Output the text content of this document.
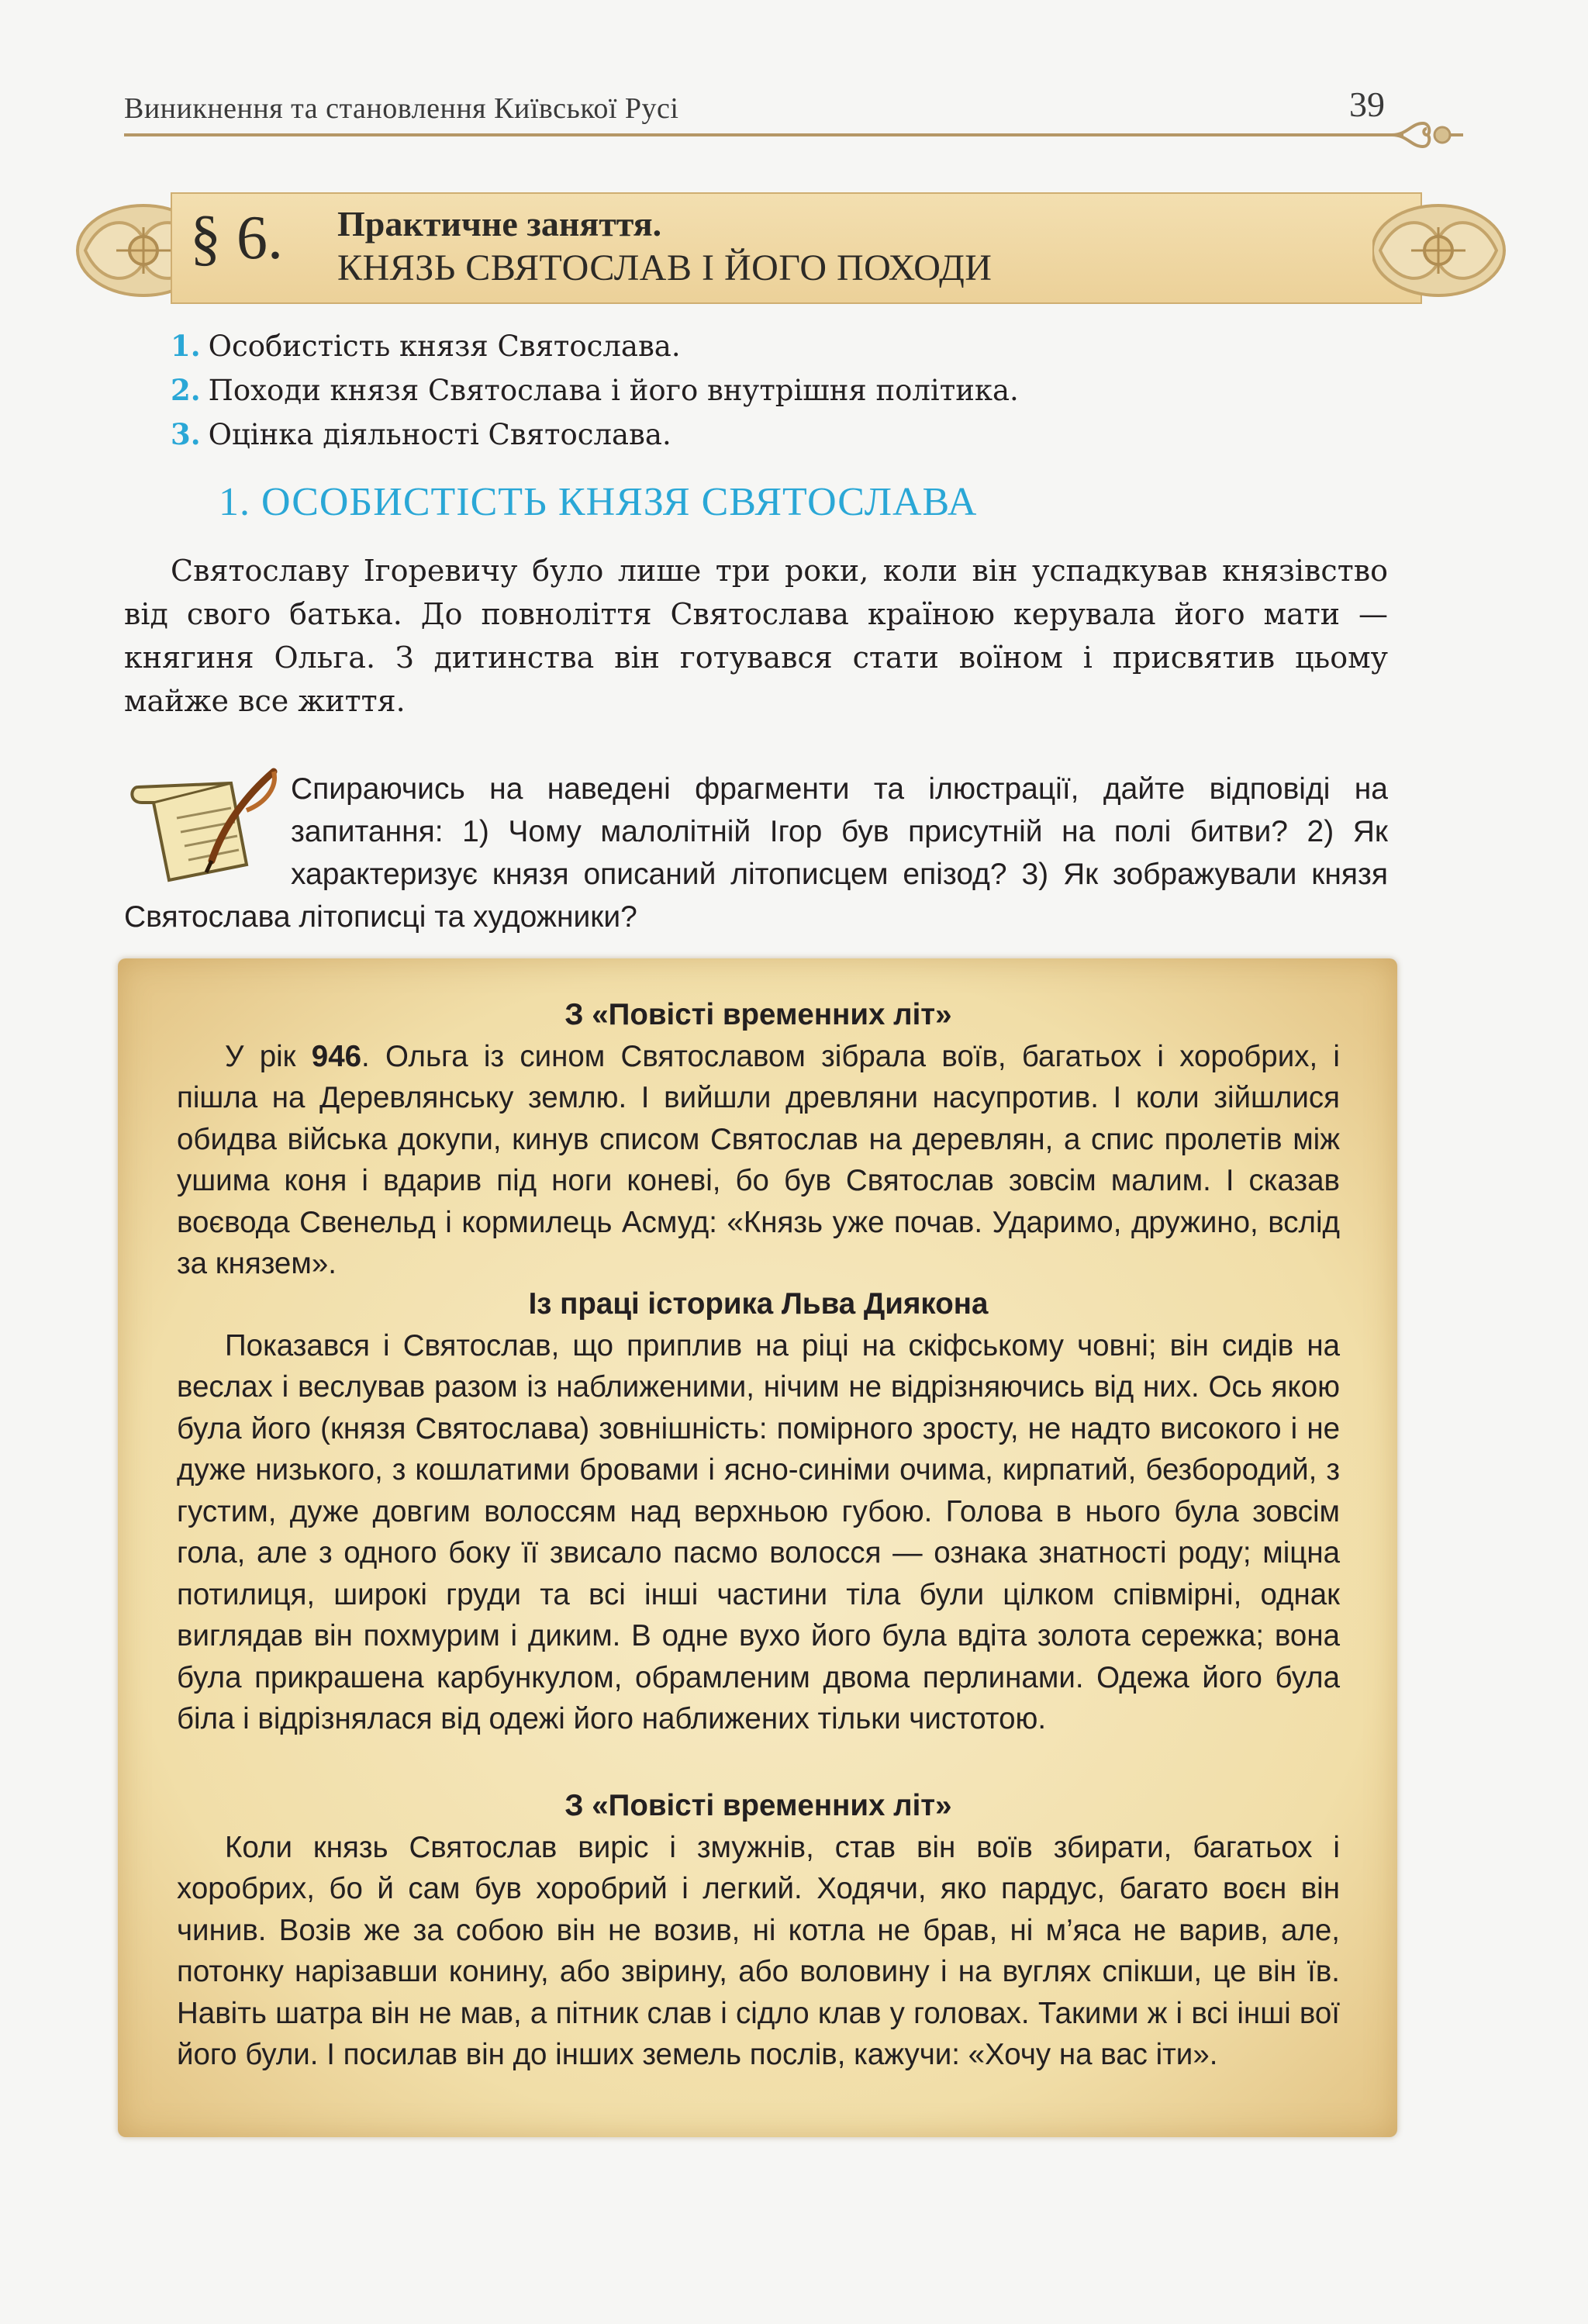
Виникнення та становлення Київської Русі	39
§ 6. Практичне заняття.
КНЯЗЬ СВЯТОСЛАВ І ЙОГО ПОХОДИ
1. Особистість князя Святослава.
2. Походи князя Святослава і його внутрішня політика.
3. Оцінка діяльності Святослава.
1. ОСОБИСТІСТЬ КНЯЗЯ СВЯТОСЛАВА

Святославу Ігоревичу було лише три роки, коли він успадкував князівство від свого батька. До повноліття Святослава країною керувала його мати — княгиня Ольга. З дитинства він готувався стати воїном і присвятив цьому майже все життя.

Спираючись на наведені фрагменти та ілюстрації, дайте відповіді на запитання: 1) Чому малолітній Ігор був присутній на полі битви? 2) Як характеризує князя описаний літописцем епізод? 3) Як зображували князя Святослава літописці та художники?

З «Повісті временних літ»

У рік 946. Ольга із сином Святославом зібрала воїв, багатьох і хоробрих, і пішла на Деревлянську землю. І вийшли древляни насупротив. І коли зійшлися обидва війська докупи, кинув списом Святослав на деревлян, а спис пролетів між ушима коня і вдарив під ноги коневі, бо був Святослав зовсім малим. І сказав воєвода Свенельд і кормилець Асмуд: «Князь уже почав. Ударимо, дружино, вслід за князем».

Із праці історика Льва Диякона

Показався і Святослав, що приплив на ріці на скіфському човні; він сидів на веслах і веслував разом із наближеними, нічим не відрізняючись від них. Ось якою була його (князя Святослава) зовнішність: помірного зросту, не надто високого і не дуже низького, з кошлатими бровами і ясно-синіми очима, кирпатий, безбородий, з густим, дуже довгим волоссям над верхньою губою. Голова в нього була зовсім гола, але з одного боку її звисало пасмо волосся — ознака знатності роду; міцна потилиця, широкі груди та всі інші частини тіла були цілком співмірні, однак виглядав він похмурим і диким. В одне вухо його була вдіта золота сережка; вона була прикрашена карбункулом, обрамленим двома перлинами. Одежа його була біла і відрізнялася від одежі його наближених тільки чистотою.

З «Повісті временних літ»

Коли князь Святослав виріс і змужнів, став він воїв збирати, багатьох і хоробрих, бо й сам був хоробрий і легкий. Ходячи, яко пардус, багато воєн він чинив. Возів же за собою він не возив, ні котла не брав, ні м’яса не варив, але, потонку нарізавши конину, або звірину, або воловину і на вуглях спікши, це він їв. Навіть шатра він не мав, а пітник слав і сідло клав у головах. Такими ж і всі інші вої його були. І посилав він до інших земель послів, кажучи: «Хочу на вас іти».
